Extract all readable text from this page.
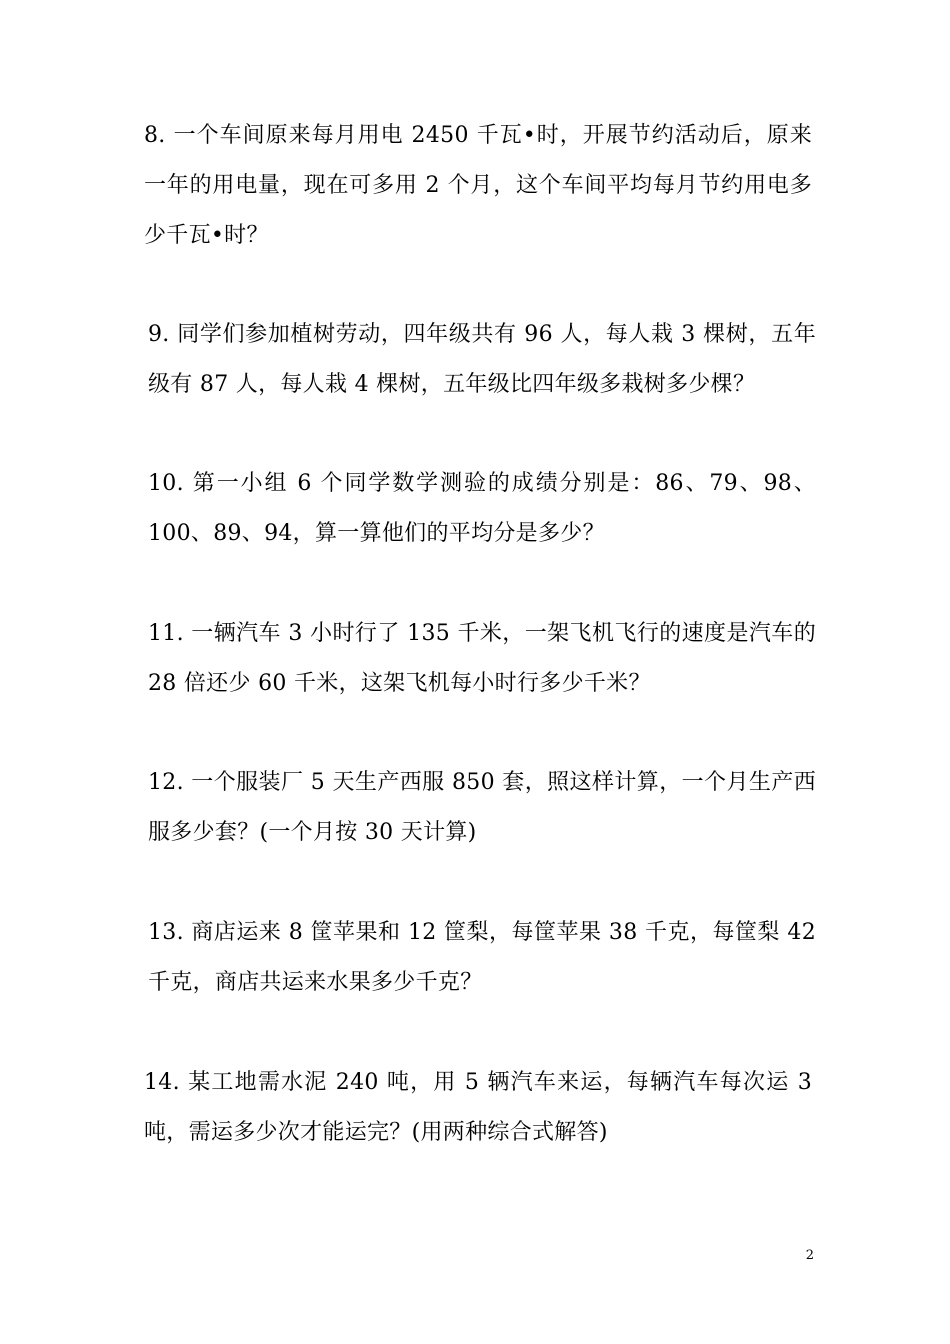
8. 一个车间原来每月用电 2450 千瓦•时，开展节约活动后，原来一年的用电量，现在可多用 2 个月，这个车间平均每月节约用电多少千瓦•时？

9. 同学们参加植树劳动，四年级共有 96 人，每人栽 3 棵树，五年级有 87 人，每人栽 4 棵树，五年级比四年级多栽树多少棵？

10. 第一小组 6 个同学数学测验的成绩分别是：86、79、98、100、89、94，算一算他们的平均分是多少？

11. 一辆汽车 3 小时行了 135 千米，一架飞机飞行的速度是汽车的 28 倍还少 60 千米，这架飞机每小时行多少千米？

12. 一个服装厂 5 天生产西服 850 套，照这样计算，一个月生产西服多少套？(一个月按 30 天计算)

13. 商店运来 8 筐苹果和 12 筐梨，每筐苹果 38 千克，每筐梨 42 千克，商店共运来水果多少千克？

14. 某工地需水泥 240 吨，用 5 辆汽车来运，每辆汽车每次运 3 吨，需运多少次才能运完？(用两种综合式解答)

2
